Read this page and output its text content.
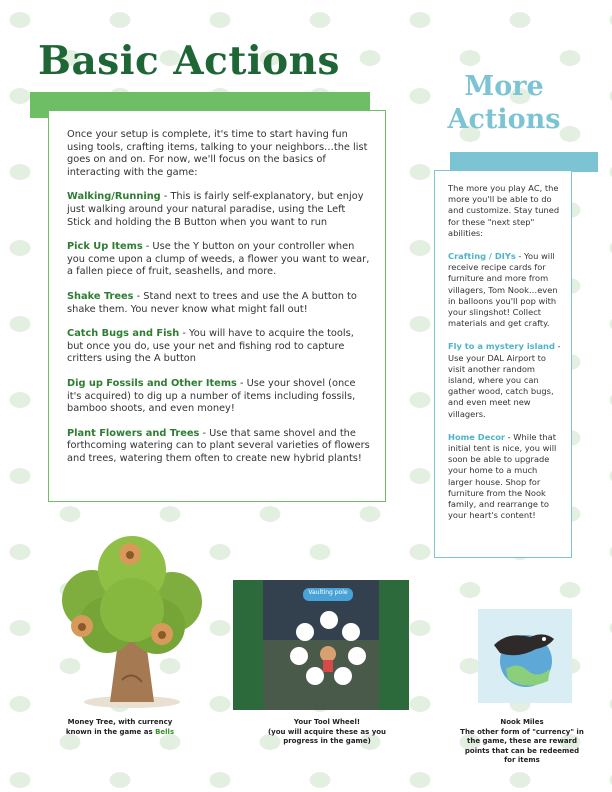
Basic Actions
More Actions

Once your setup is complete, it's time to start having fun using tools, crafting items, talking to your neighbors…the list goes on and on. For now, we'll focus on the basics of interacting with the game:

Walking/Running - This is fairly self-explanatory, but enjoy just walking around your natural paradise, using the Left Stick and holding the B Button when you want to run

Pick Up Items - Use the Y button on your controller when you come upon a clump of weeds, a flower you want to wear, a fallen piece of fruit, seashells, and more.

Shake Trees - Stand next to trees and use the A button to shake them. You never know what might fall out!

Catch Bugs and Fish - You will have to acquire the tools, but once you do, use your net and fishing rod to capture critters using the A button

Dig up Fossils and Other Items - Use your shovel (once it's acquired) to dig up a number of items including fossils, bamboo shoots, and even money!

Plant Flowers and Trees - Use that same shovel and the forthcoming watering can to plant several varieties of flowers and trees, watering them often to create new hybrid plants!

The more you play AC, the more you'll be able to do and customize. Stay tuned for these "next step" abilities:

Crafting / DIYs - You will receive recipe cards for furniture and more from villagers, Tom Nook…even in balloons you'll pop with your slingshot! Collect materials and get crafty.

Fly to a mystery island - Use your DAL Airport to visit another random island, where you can gather wood, catch bugs, and even meet new villagers.

Home Decor - While that initial tent is nice, you will soon be able to upgrade your home to a much larger house. Shop for furniture from the Nook family, and rearrange to your heart's content!

Vaulting pole
Money Tree, with currency known in the game as Bells
Your Tool Wheel!
(you will acquire these as you progress in the game)
Nook Miles
The other form of "currency" in the game, these are reward points that can be redeemed for items
